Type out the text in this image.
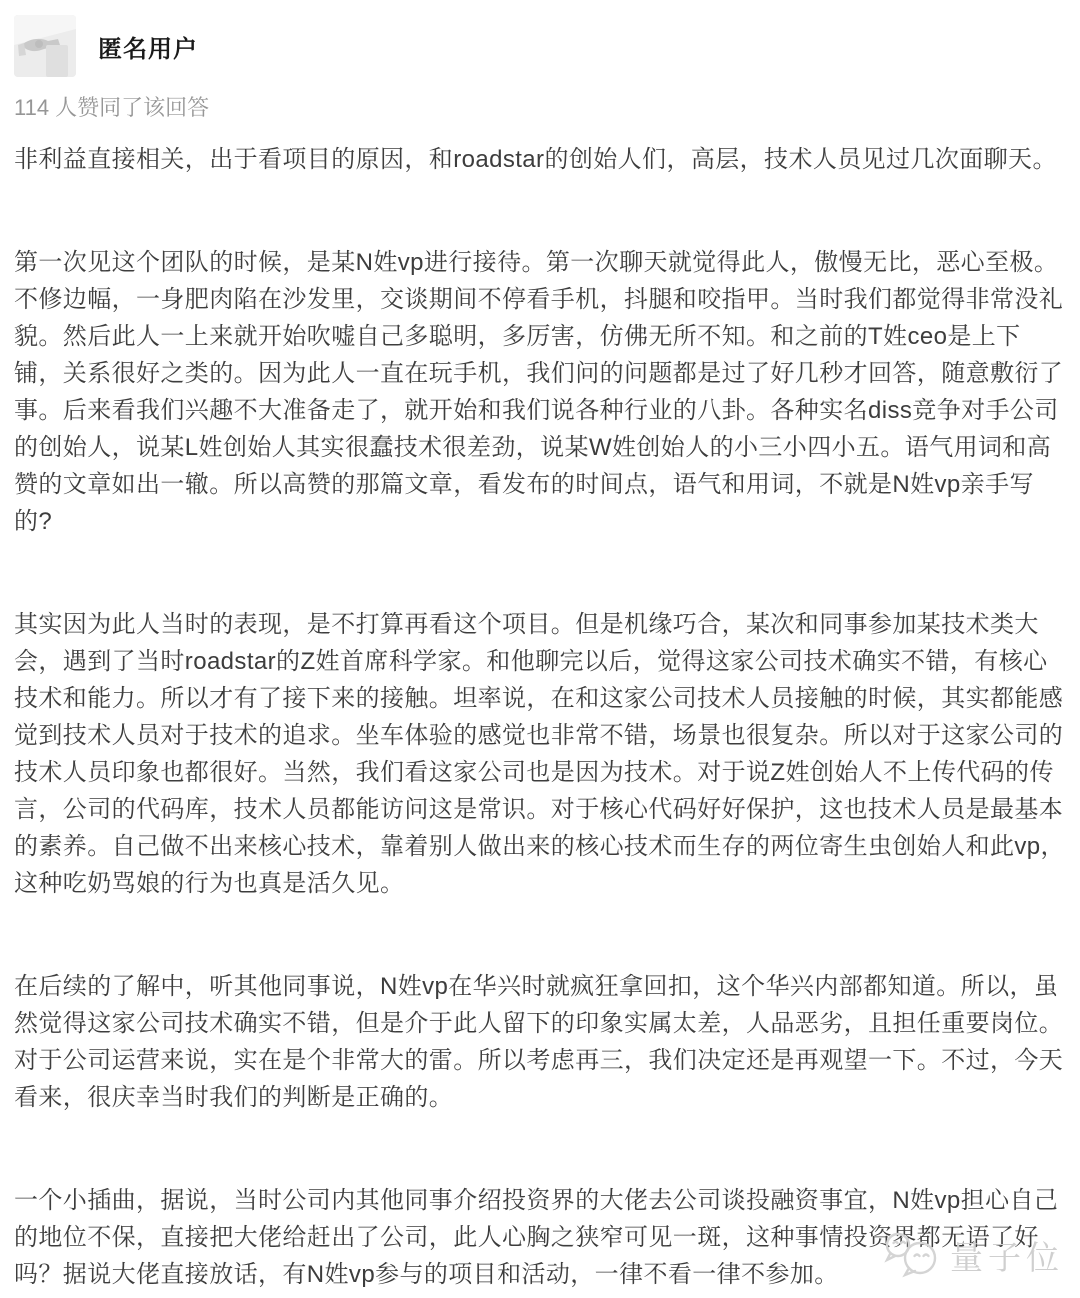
匿名用户
114 人赞同了该回答

非利益直接相关，出于看项目的原因，和roadstar的创始人们，高层，技术人员见过几次面聊天。

第一次见这个团队的时候，是某N姓vp进行接待。第一次聊天就觉得此人，傲慢无比，恶心至极。不修边幅，一身肥肉陷在沙发里，交谈期间不停看手机，抖腿和咬指甲。当时我们都觉得非常没礼貌。然后此人一上来就开始吹嘘自己多聪明，多厉害，仿佛无所不知。和之前的T姓ceo是上下铺，关系很好之类的。因为此人一直在玩手机，我们问的问题都是过了好几秒才回答，随意敷衍了事。后来看我们兴趣不大准备走了，就开始和我们说各种行业的八卦。各种实名diss竞争对手公司的创始人，说某L姓创始人其实很蠢技术很差劲，说某W姓创始人的小三小四小五。语气用词和高赞的文章如出一辙。所以高赞的那篇文章，看发布的时间点，语气和用词，不就是N姓vp亲手写的?

其实因为此人当时的表现，是不打算再看这个项目。但是机缘巧合，某次和同事参加某技术类大会，遇到了当时roadstar的Z姓首席科学家。和他聊完以后，觉得这家公司技术确实不错，有核心技术和能力。所以才有了接下来的接触。坦率说，在和这家公司技术人员接触的时候，其实都能感觉到技术人员对于技术的追求。坐车体验的感觉也非常不错，场景也很复杂。所以对于这家公司的技术人员印象也都很好。当然，我们看这家公司也是因为技术。对于说Z姓创始人不上传代码的传言，公司的代码库，技术人员都能访问这是常识。对于核心代码好好保护，这也技术人员是最基本的素养。自己做不出来核心技术，靠着别人做出来的核心技术而生存的两位寄生虫创始人和此vp，这种吃奶骂娘的行为也真是活久见。

在后续的了解中，听其他同事说，N姓vp在华兴时就疯狂拿回扣，这个华兴内部都知道。所以，虽然觉得这家公司技术确实不错，但是介于此人留下的印象实属太差，人品恶劣，且担任重要岗位。对于公司运营来说，实在是个非常大的雷。所以考虑再三，我们决定还是再观望一下。不过，今天看来，很庆幸当时我们的判断是正确的。

一个小插曲，据说，当时公司内其他同事介绍投资界的大佬去公司谈投融资事宜，N姓vp担心自己的地位不保，直接把大佬给赶出了公司，此人心胸之狭窄可见一斑，这种事情投资界都无语了好吗？据说大佬直接放话，有N姓vp参与的项目和活动，一律不看一律不参加。	量子位
